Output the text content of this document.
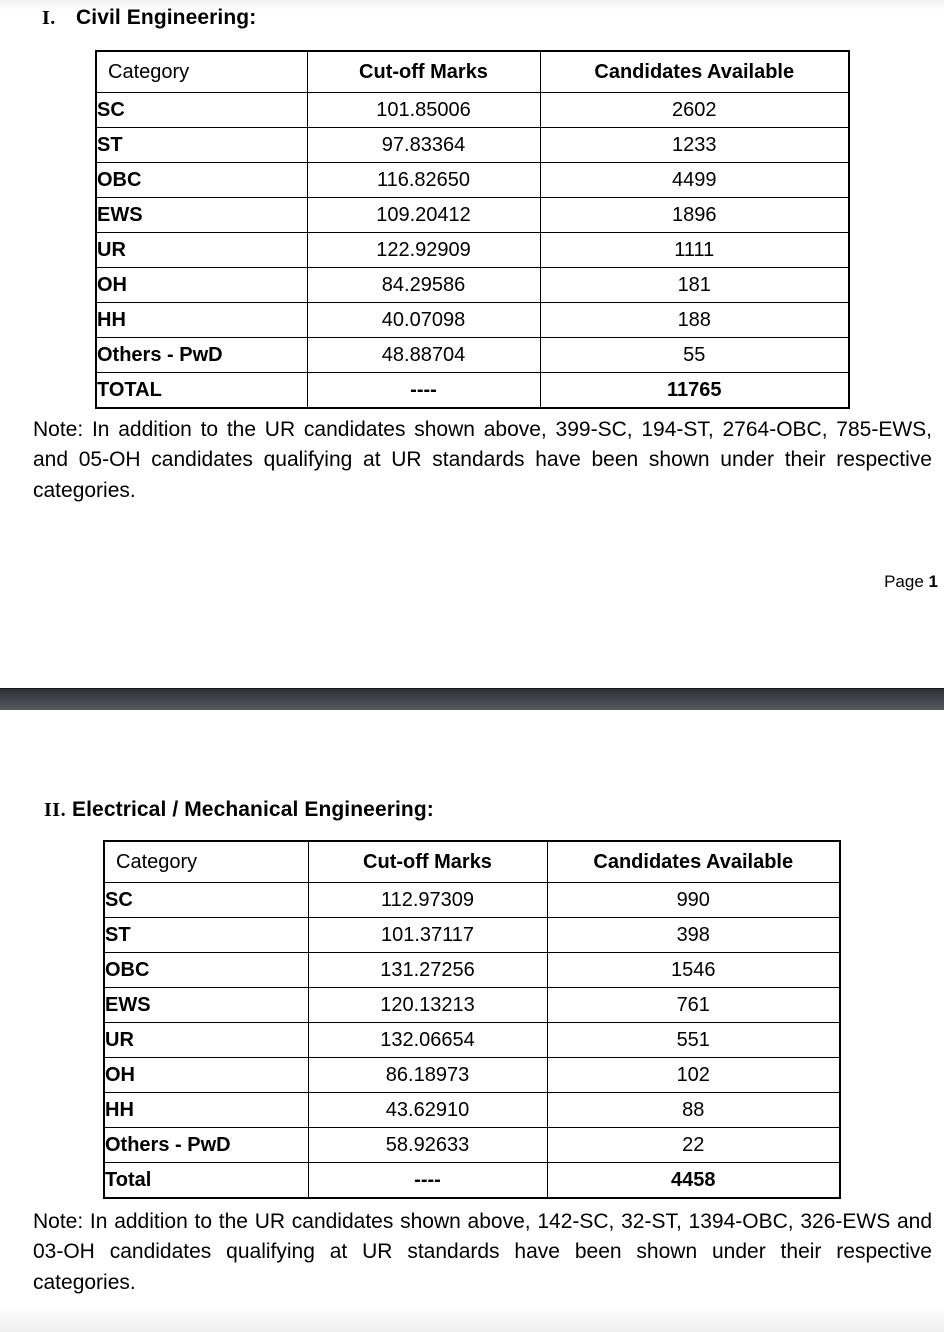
I. Civil Engineering:
Category	Cut-off Marks	Candidates Available
SC	101.85006	2602
ST	97.83364	1233
OBC	116.82650	4499
EWS	109.20412	1896
UR	122.92909	1111
OH	84.29586	181
HH	40.07098	188
Others - PwD	48.88704	55
TOTAL	----	11765
Note: In addition to the UR candidates shown above, 399-SC, 194-ST, 2764-OBC, 785-EWS, and 05-OH candidates qualifying at UR standards have been shown under their respective categories.
Page 1
II. Electrical / Mechanical Engineering:
Category	Cut-off Marks	Candidates Available
SC	112.97309	990
ST	101.37117	398
OBC	131.27256	1546
EWS	120.13213	761
UR	132.06654	551
OH	86.18973	102
HH	43.62910	88
Others - PwD	58.92633	22
Total	----	4458
Note: In addition to the UR candidates shown above, 142-SC, 32-ST, 1394-OBC, 326-EWS and 03-OH candidates qualifying at UR standards have been shown under their respective categories.
